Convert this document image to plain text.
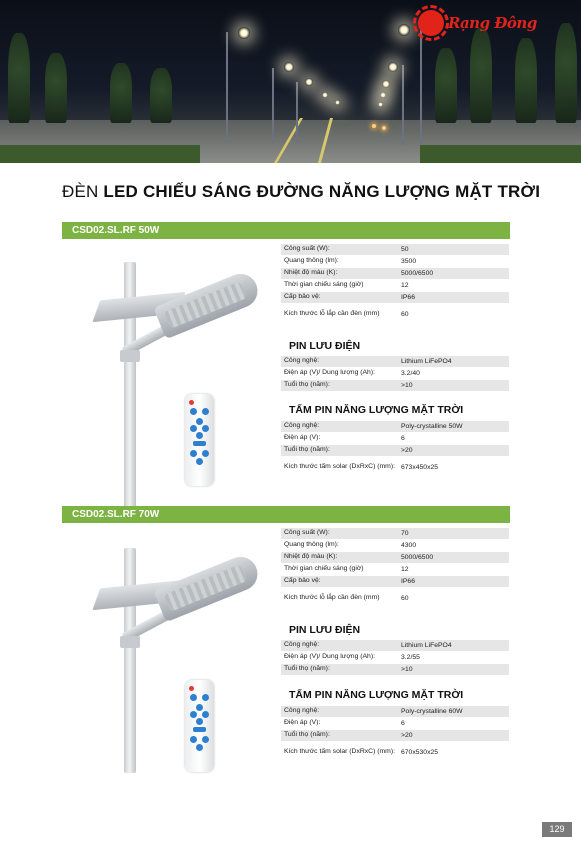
Rạng Đông
ĐÈN LED CHIẾU SÁNG ĐƯỜNG NĂNG LƯỢNG MẶT TRỜI
CSD02.SL.RF 50W
Công suất (W):	50
Quang thông (lm):	3500
Nhiệt độ màu (K):	5000/6500
Thời gian chiếu sáng (giờ)	12
Cấp bảo vệ:	IP66
Kích thước lỗ lắp cần đèn (mm)	60
PIN LƯU ĐIỆN
Công nghệ:	Lithium LiFePO4
Điện áp (V)/ Dung lượng (Ah):	3.2/40
Tuổi thọ (năm):	>10
TẤM PIN NĂNG LƯỢNG MẶT TRỜI
Công nghệ:	Poly-crystalline 50W
Điện áp (V):	6
Tuổi thọ (năm):	>20
Kích thước tấm solar (DxRxC) (mm): 673x450x25
CSD02.SL.RF 70W
Công suất (W):	70
Quang thông (lm):	4300
Nhiệt độ màu (K):	5000/6500
Thời gian chiếu sáng (giờ)	12
Cấp bảo vệ:	IP66
Kích thước lỗ lắp cần đèn (mm)	60
PIN LƯU ĐIỆN
Công nghệ:	Lithium LiFePO4
Điện áp (V)/ Dung lượng (Ah):	3.2/55
Tuổi thọ (năm):	>10
TẤM PIN NĂNG LƯỢNG MẶT TRỜI
Công nghệ:	Poly-crystalline 60W
Điện áp (V):	6
Tuổi thọ (năm):	>20
Kích thước tấm solar (DxRxC) (mm): 670x530x25
129
